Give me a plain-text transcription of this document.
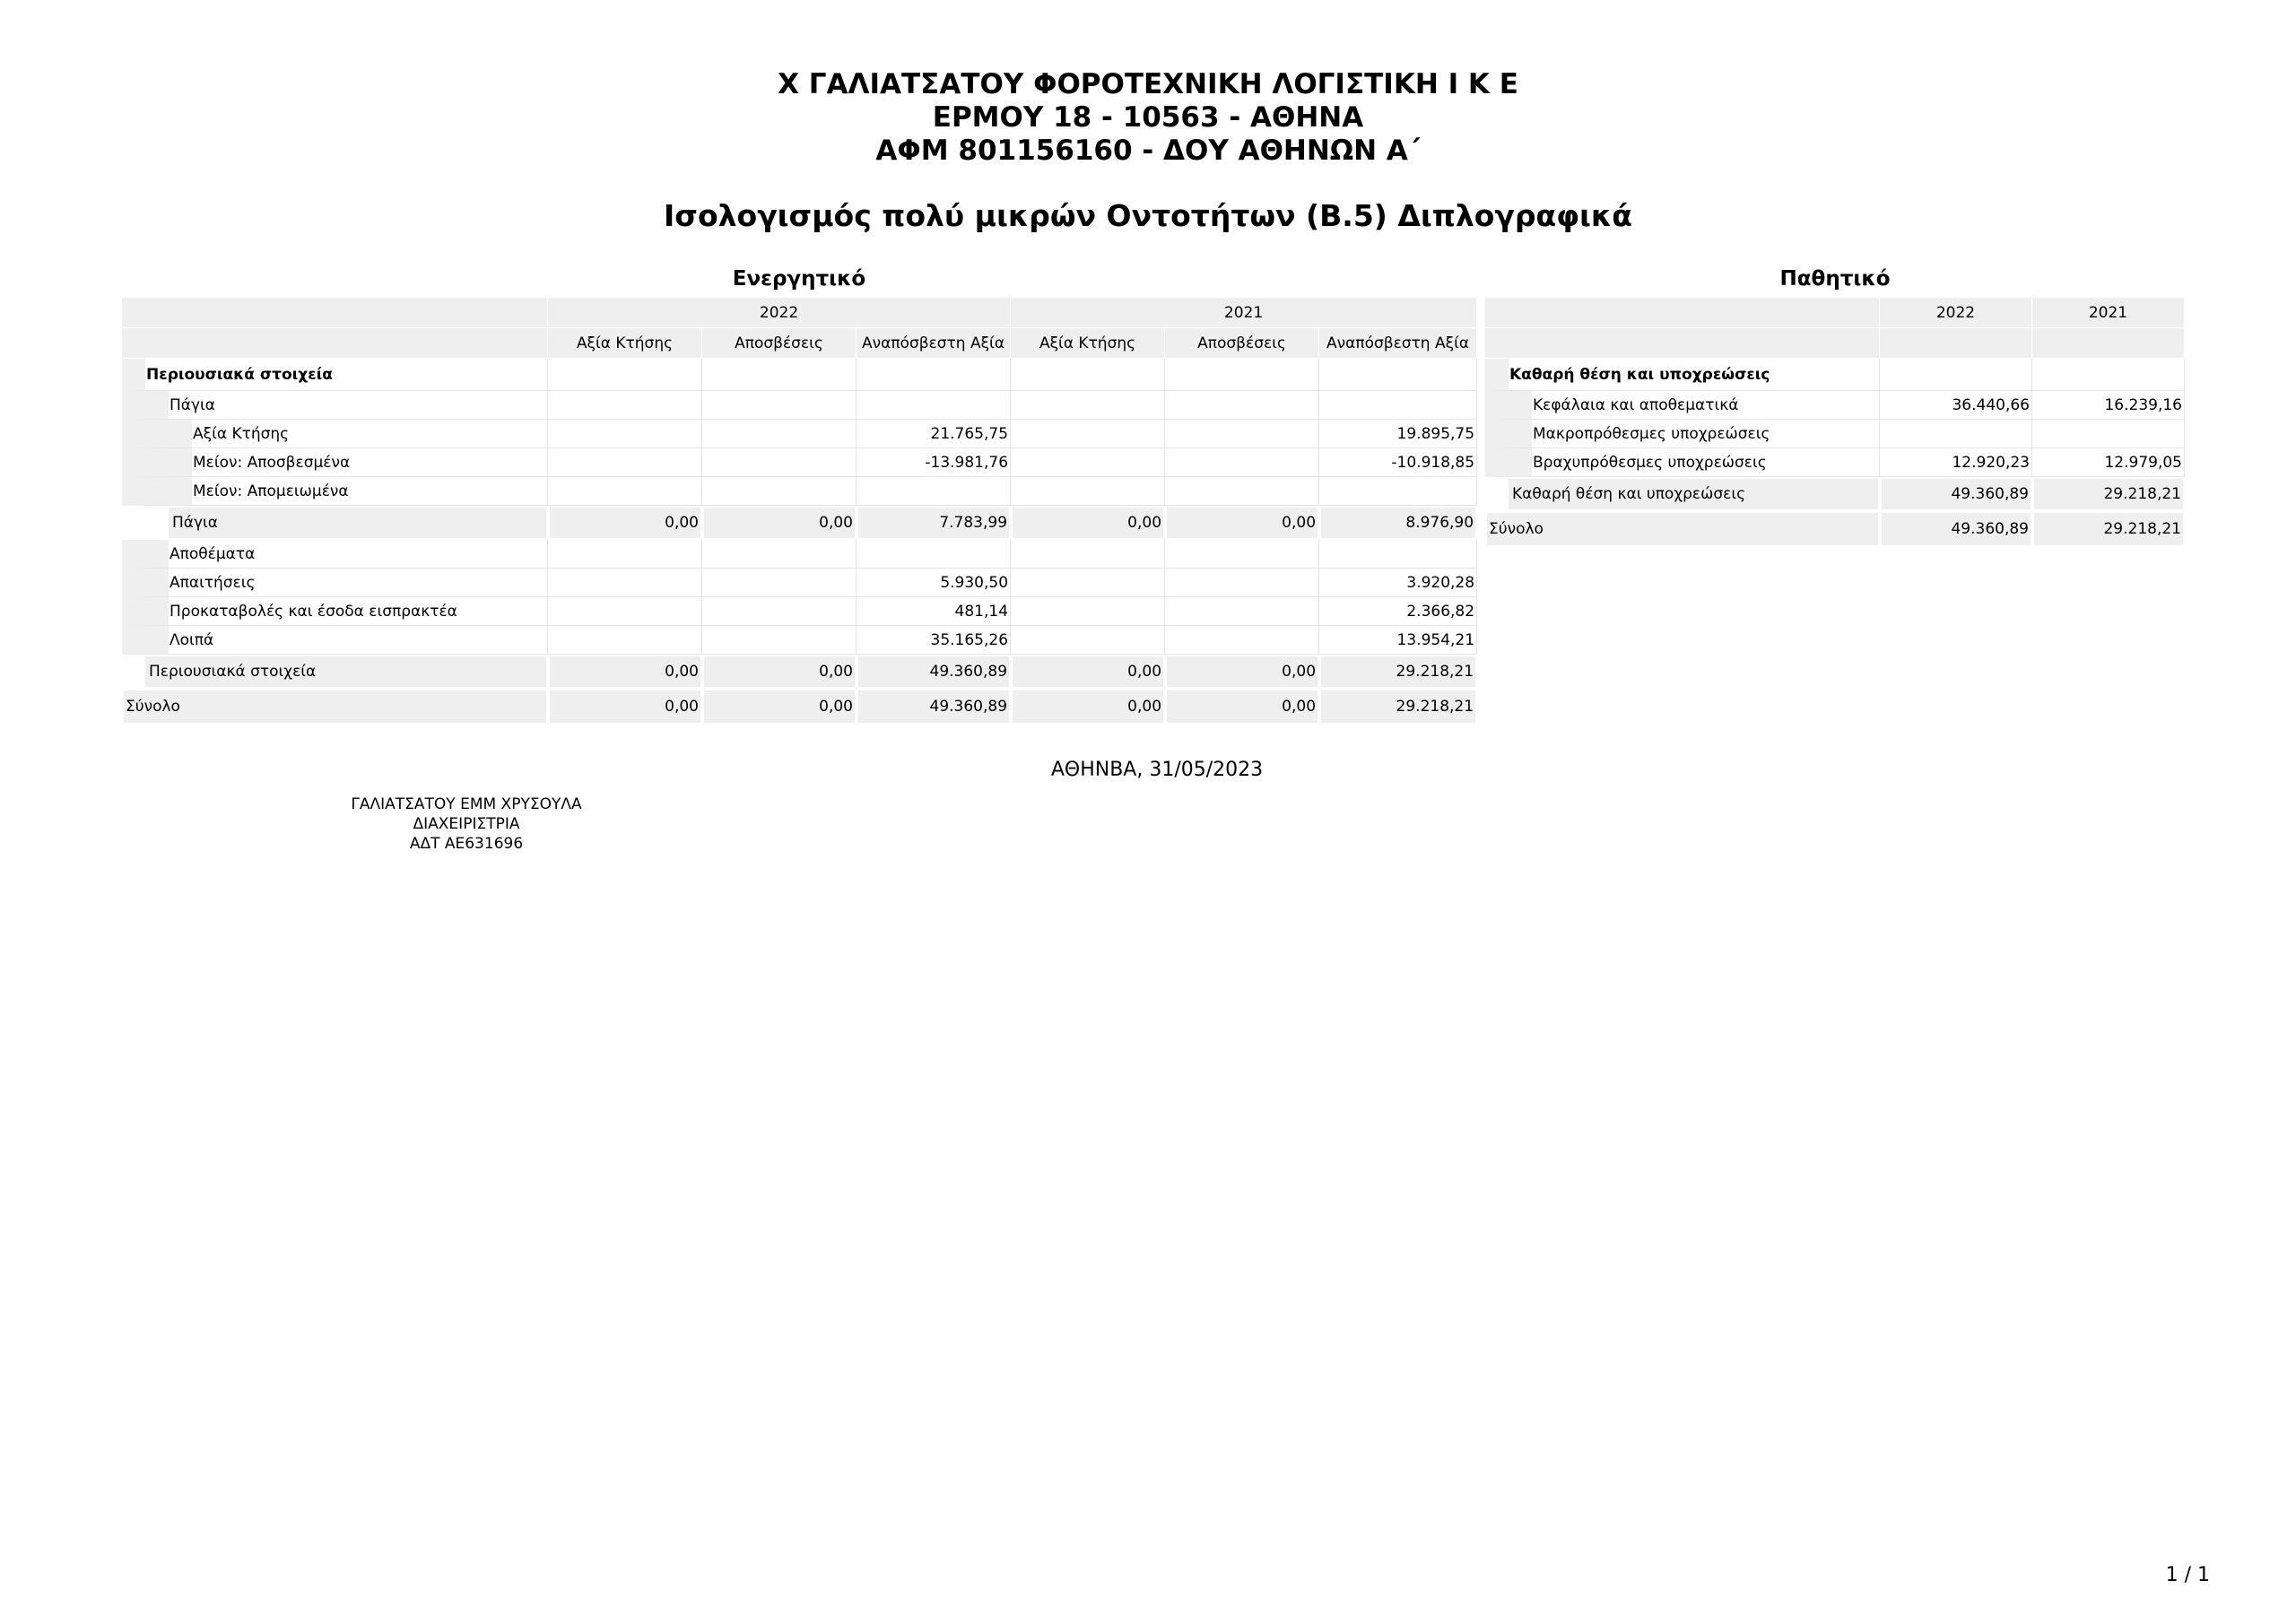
Χ ΓΑΛΙΑΤΣΑΤΟΥ ΦΟΡΟΤΕΧΝΙΚΗ ΛΟΓΙΣΤΙΚΗ Ι Κ Ε
ΕΡΜΟΥ 18 - 10563 - ΑΘΗΝΑ
ΑΦΜ 801156160 - ΔΟΥ ΑΘΗΝΩΝ Α΄
Ισολογισμός πολύ μικρών Οντοτήτων (Β.5) Διπλογραφικά
Ενεργητικό	Παθητικό
	2022			2021		
	Αξία Κτήσης	Αποσβέσεις	Αναπόσβεστη Αξία	Αξία Κτήσης	Αποσβέσεις	Αναπόσβεστη Αξία
Περιουσιακά στοιχεία						
Πάγια						
Αξία Κτήσης			21.765,75			19.895,75
Μείον: Αποσβεσμένα			-13.981,76			-10.918,85
Μείον: Απομειωμένα						
Πάγια	0,00	0,00	7.783,99	0,00	0,00	8.976,90
Αποθέματα						
Απαιτήσεις			5.930,50			3.920,28
Προκαταβολές και έσοδα εισπρακτέα			481,14			2.366,82
Λοιπά			35.165,26			13.954,21
Περιουσιακά στοιχεία	0,00	0,00	49.360,89	0,00	0,00	29.218,21
Σύνολο	0,00	0,00	49.360,89	0,00	0,00	29.218,21
	2022	2021

Καθαρή θέση και υποχρεώσεις		
Κεφάλαια και αποθεματικά	36.440,66	16.239,16
Μακροπρόθεσμες υποχρεώσεις		
Βραχυπρόθεσμες υποχρεώσεις	12.920,23	12.979,05
Καθαρή θέση και υποχρεώσεις	49.360,89	29.218,21
Σύνολο	49.360,89	29.218,21
ΑΘΗΝΒΑ, 31/05/2023
ΓΑΛΙΑΤΣΑΤΟΥ ΕΜΜ ΧΡΥΣΟΥΛΑ
ΔΙΑΧΕΙΡΙΣΤΡΙΑ
ΑΔΤ ΑΕ631696
1 / 1
